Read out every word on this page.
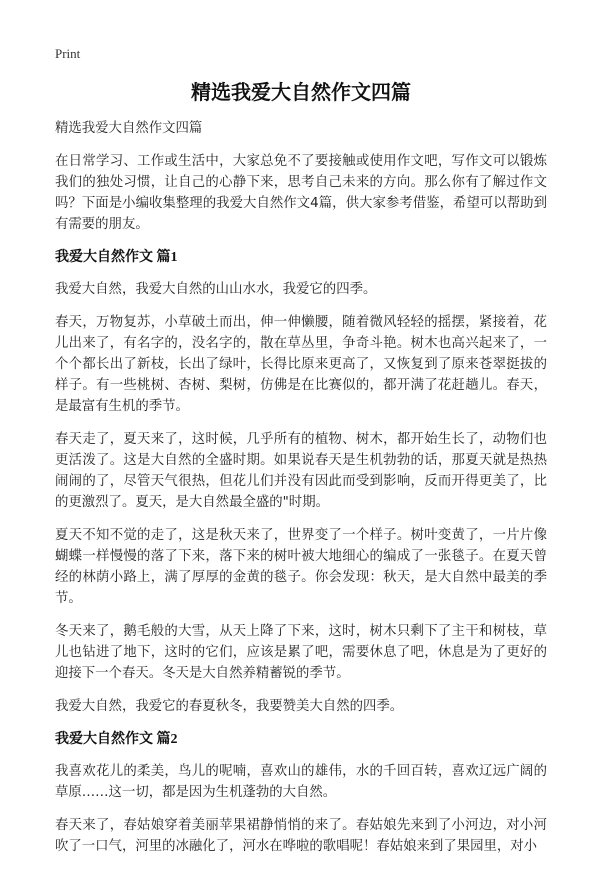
Print
精选我爱大自然作文四篇

精选我爱大自然作文四篇

在日常学习、工作或生活中，大家总免不了要接触或使用作文吧，写作文可以锻炼我们的独处习惯，让自己的心静下来，思考自己未来的方向。那么你有了解过作文吗？下面是小编收集整理的我爱大自然作文4篇，供大家参考借鉴，希望可以帮助到有需要的朋友。

我爱大自然作文 篇1

我爱大自然，我爱大自然的山山水水，我爱它的四季。

春天，万物复苏，小草破土而出，伸一伸懒腰，随着微风轻轻的摇摆，紧接着，花儿出来了，有名字的，没名字的，散在草丛里，争奇斗艳。树木也高兴起来了，一个个都长出了新枝，长出了绿叶，长得比原来更高了，又恢复到了原来苍翠挺拔的样子。有一些桃树、杏树、梨树，仿佛是在比赛似的，都开满了花赶趟儿。春天，是最富有生机的季节。

春天走了，夏天来了，这时候，几乎所有的植物、树木，都开始生长了，动物们也更活泼了。这是大自然的全盛时期。如果说春天是生机勃勃的话，那夏天就是热热闹闹的了，尽管天气很热，但花儿们并没有因此而受到影响，反而开得更美了，比的更激烈了。夏天，是大自然最全盛的"时期。

夏天不知不觉的走了，这是秋天来了，世界变了一个样子。树叶变黄了，一片片像蝴蝶一样慢慢的落了下来，落下来的树叶被大地细心的编成了一张毯子。在夏天曾经的林荫小路上，满了厚厚的金黄的毯子。你会发现：秋天，是大自然中最美的季节。

冬天来了，鹅毛般的大雪，从天上降了下来，这时，树木只剩下了主干和树枝，草儿也钻进了地下，这时的它们，应该是累了吧，需要休息了吧，休息是为了更好的迎接下一个春天。冬天是大自然养精蓄锐的季节。

我爱大自然，我爱它的春夏秋冬，我要赞美大自然的四季。

我爱大自然作文 篇2

我喜欢花儿的柔美，鸟儿的呢喃，喜欢山的雄伟，水的千回百转，喜欢辽远广阔的草原……这一切，都是因为生机蓬勃的大自然。

春天来了，春姑娘穿着美丽苹果裙静悄悄的来了。春姑娘先来到了小河边，对小河吹了一口气，河里的冰融化了，河水在哗啦的歌唱呢！春姑娘来到了果园里，对小
